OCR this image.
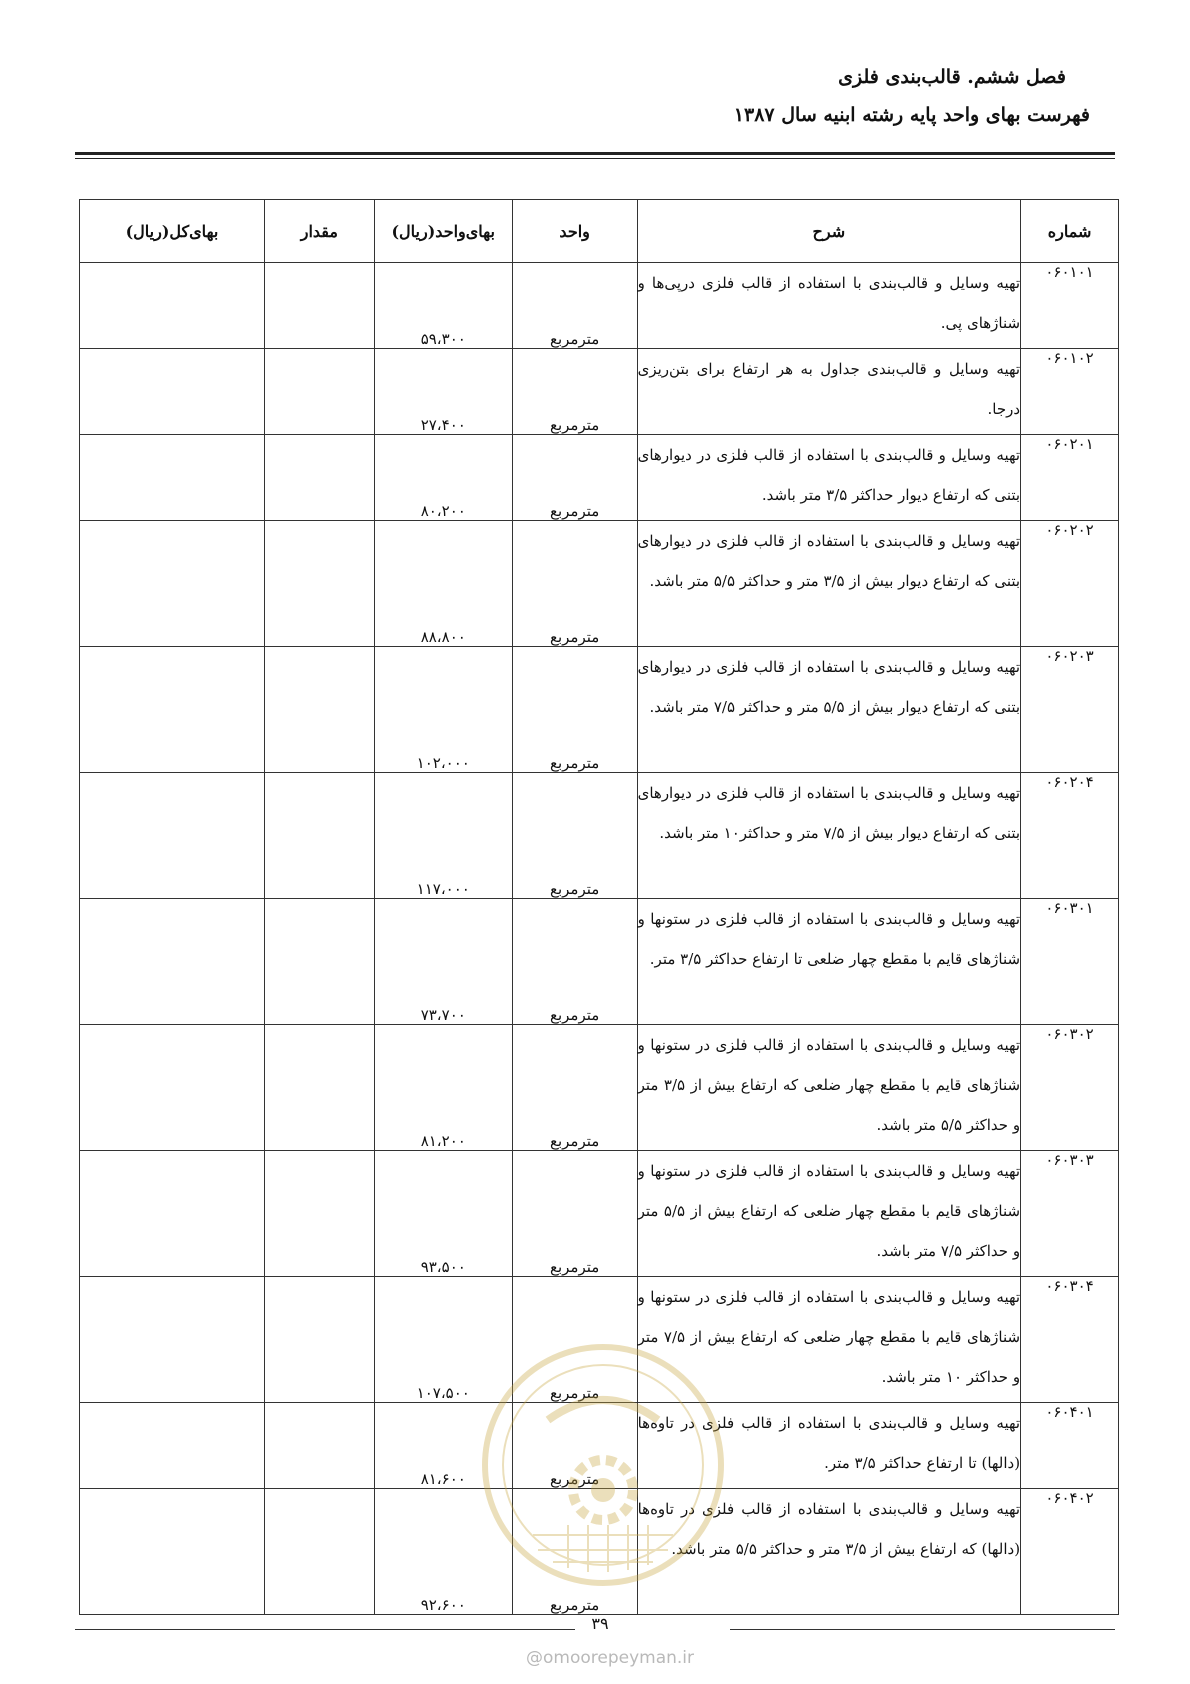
فصل ششم. قالب‌بندی فلزی
فهرست بهای واحد پایه رشته ابنیه سال ۱۳۸۷
شماره	شرح	واحد	بهای‌واحد(ریال)	مقدار	بهای‌کل(ریال)
۰۶۰۱۰۱	تهیه وسایل و قالب‌بندی با استفاده از قالب فلزی درپی‌ها و شناژهای پی.	مترمربع	۵۹،۳۰۰		
۰۶۰۱۰۲	تهیه وسایل و قالب‌بندی جداول به هر ارتفاع برای بتن‌ریزی درجا.	مترمربع	۲۷،۴۰۰		
۰۶۰۲۰۱	تهیه وسایل و قالب‌بندی با استفاده از قالب فلزی در دیوارهای بتنی که ارتفاع دیوار حداکثر ۳/۵ متر باشد.	مترمربع	۸۰،۲۰۰		
۰۶۰۲۰۲	تهیه وسایل و قالب‌بندی با استفاده از قالب فلزی در دیوارهای بتنی که ارتفاع دیوار بیش از ۳/۵ متر و حداکثر ۵/۵ متر باشد.	مترمربع	۸۸،۸۰۰		
۰۶۰۲۰۳	تهیه وسایل و قالب‌بندی با استفاده از قالب فلزی در دیوارهای بتنی که ارتفاع دیوار بیش از ۵/۵ متر و حداکثر ۷/۵ متر باشد.	مترمربع	۱۰۲،۰۰۰		
۰۶۰۲۰۴	تهیه وسایل و قالب‌بندی با استفاده از قالب فلزی در دیوارهای بتنی که ارتفاع دیوار بیش از ۷/۵ متر و حداکثر۱۰ متر باشد.	مترمربع	۱۱۷،۰۰۰		
۰۶۰۳۰۱	تهیه وسایل و قالب‌بندی با استفاده از قالب فلزی در ستونها و شناژهای قایم با مقطع چهار ضلعی تا ارتفاع حداکثر ۳/۵ متر.	مترمربع	۷۳،۷۰۰		
۰۶۰۳۰۲	تهیه وسایل و قالب‌بندی با استفاده از قالب فلزی در ستونها و شناژهای قایم با مقطع چهار ضلعی که ارتفاع بیش از ۳/۵ متر و حداکثر ۵/۵ متر باشد.	مترمربع	۸۱،۲۰۰		
۰۶۰۳۰۳	تهیه وسایل و قالب‌بندی با استفاده از قالب فلزی در ستونها و شناژهای قایم با مقطع چهار ضلعی که ارتفاع بیش از ۵/۵ متر و حداکثر ۷/۵ متر باشد.	مترمربع	۹۳،۵۰۰		
۰۶۰۳۰۴	تهیه وسایل و قالب‌بندی با استفاده از قالب فلزی در ستونها و شناژهای قایم با مقطع چهار ضلعی که ارتفاع بیش از ۷/۵ متر و حداکثر ۱۰ متر باشد.	مترمربع	۱۰۷،۵۰۰		
۰۶۰۴۰۱	تهیه وسایل و قالب‌بندی با استفاده از قالب فلزی در تاوه‌ها (دالها) تا ارتفاع حداکثر ۳/۵ متر.	مترمربع	۸۱،۶۰۰		
۰۶۰۴۰۲	تهیه وسایل و قالب‌بندی با استفاده از قالب فلزی در تاوه‌ها (دالها) که ارتفاع بیش از ۳/۵ متر و حداکثر ۵/۵ متر باشد.	مترمربع	۹۲،۶۰۰		
۳۹
@omoorepeyman.ir
